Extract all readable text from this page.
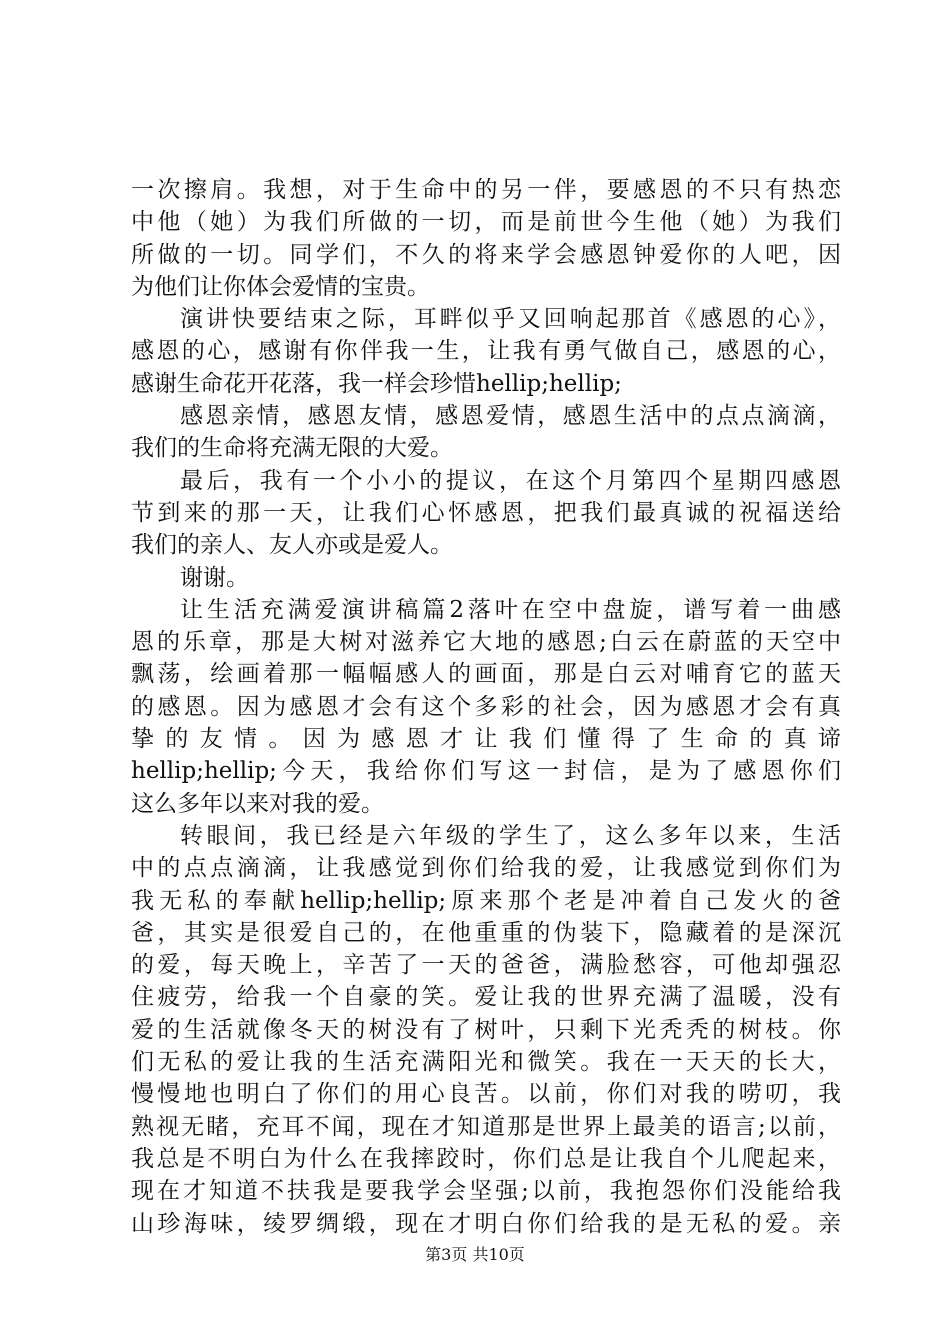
一次擦肩。我想，对于生命中的另一伴，要感恩的不只有热恋
中他（她）为我们所做的一切，而是前世今生他（她）为我们
所做的一切。同学们，不久的将来学会感恩钟爱你的人吧，因
为他们让你体会爱情的宝贵。
演讲快要结束之际，耳畔似乎又回响起那首《感恩的心》，
感恩的心，感谢有你伴我一生，让我有勇气做自己，感恩的心，
感谢生命花开花落，我一样会珍惜hellip;hellip;
感恩亲情，感恩友情，感恩爱情，感恩生活中的点点滴滴，
我们的生命将充满无限的大爱。
最后，我有一个小小的提议，在这个月第四个星期四感恩
节到来的那一天，让我们心怀感恩，把我们最真诚的祝福送给
我们的亲人、友人亦或是爱人。
谢谢。
让生活充满爱演讲稿篇2落叶在空中盘旋，谱写着一曲感
恩的乐章，那是大树对滋养它大地的感恩;白云在蔚蓝的天空中
飘荡，绘画着那一幅幅感人的画面，那是白云对哺育它的蓝天
的感恩。因为感恩才会有这个多彩的社会，因为感恩才会有真
挚的友情。因为感恩才让我们懂得了生命的真谛
hellip;hellip;今天，我给你们写这一封信，是为了感恩你们
这么多年以来对我的爱。
转眼间，我已经是六年级的学生了，这么多年以来，生活
中的点点滴滴，让我感觉到你们给我的爱，让我感觉到你们为
我无私的奉献hellip;hellip;原来那个老是冲着自己发火的爸
爸，其实是很爱自己的，在他重重的伪装下，隐藏着的是深沉
的爱，每天晚上，辛苦了一天的爸爸，满脸愁容，可他却强忍
住疲劳，给我一个自豪的笑。爱让我的世界充满了温暖，没有
爱的生活就像冬天的树没有了树叶，只剩下光秃秃的树枝。你
们无私的爱让我的生活充满阳光和微笑。我在一天天的长大，
慢慢地也明白了你们的用心良苦。以前，你们对我的唠叨，我
熟视无睹，充耳不闻，现在才知道那是世界上最美的语言;以前，
我总是不明白为什么在我摔跤时，你们总是让我自个儿爬起来，
现在才知道不扶我是要我学会坚强;以前，我抱怨你们没能给我
山珍海味，绫罗绸缎，现在才明白你们给我的是无私的爱。亲
第3页 共10页
